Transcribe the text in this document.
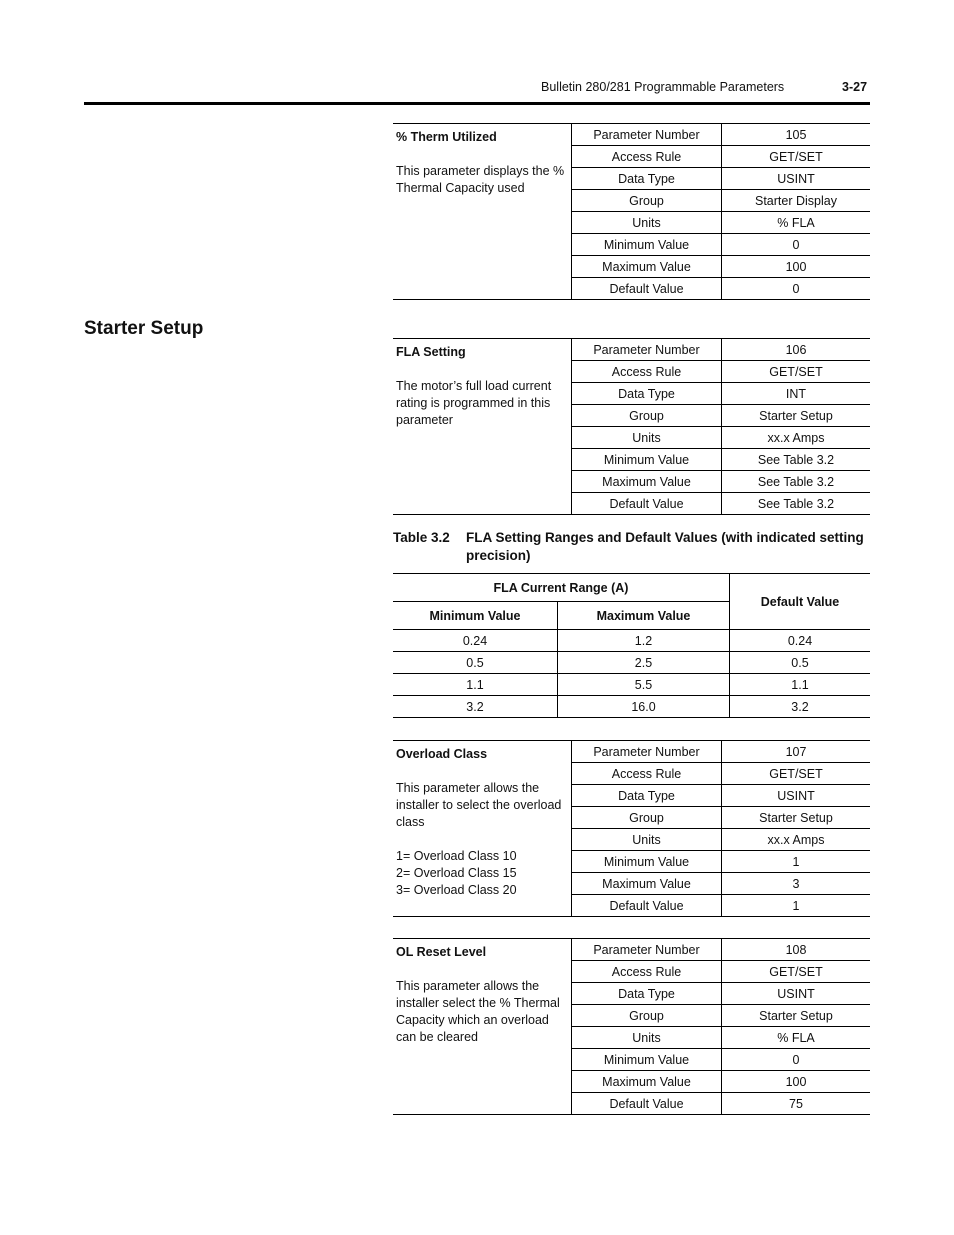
Bulletin 280/281 Programmable Parameters	3-27
% Therm Utilized
This parameter displays the % Thermal Capacity used
Parameter Number	105
Access Rule	GET/SET
Data Type	USINT
Group	Starter Display
Units	% FLA
Minimum Value	0
Maximum Value	100
Default Value	0
Starter Setup
FLA Setting
The motor’s full load current rating is programmed in this parameter
Parameter Number	106
Access Rule	GET/SET
Data Type	INT
Group	Starter Setup
Units	xx.x Amps
Minimum Value	See Table 3.2
Maximum Value	See Table 3.2
Default Value	See Table 3.2
Table 3.2 FLA Setting Ranges and Default Values (with indicated setting precision)
FLA Current Range (A)		Default Value
Minimum Value	Maximum Value	
0.24	1.2	0.24
0.5	2.5	0.5
1.1	5.5	1.1
3.2	16.0	3.2
Overload Class
This parameter allows the installer to select the overload class
1= Overload Class 10
2= Overload Class 15
3= Overload Class 20
Parameter Number	107
Access Rule	GET/SET
Data Type	USINT
Group	Starter Setup
Units	xx.x Amps
Minimum Value	1
Maximum Value	3
Default Value	1
OL Reset Level
This parameter allows the installer select the % Thermal Capacity which an overload can be cleared
Parameter Number	108
Access Rule	GET/SET
Data Type	USINT
Group	Starter Setup
Units	% FLA
Minimum Value	0
Maximum Value	100
Default Value	75
